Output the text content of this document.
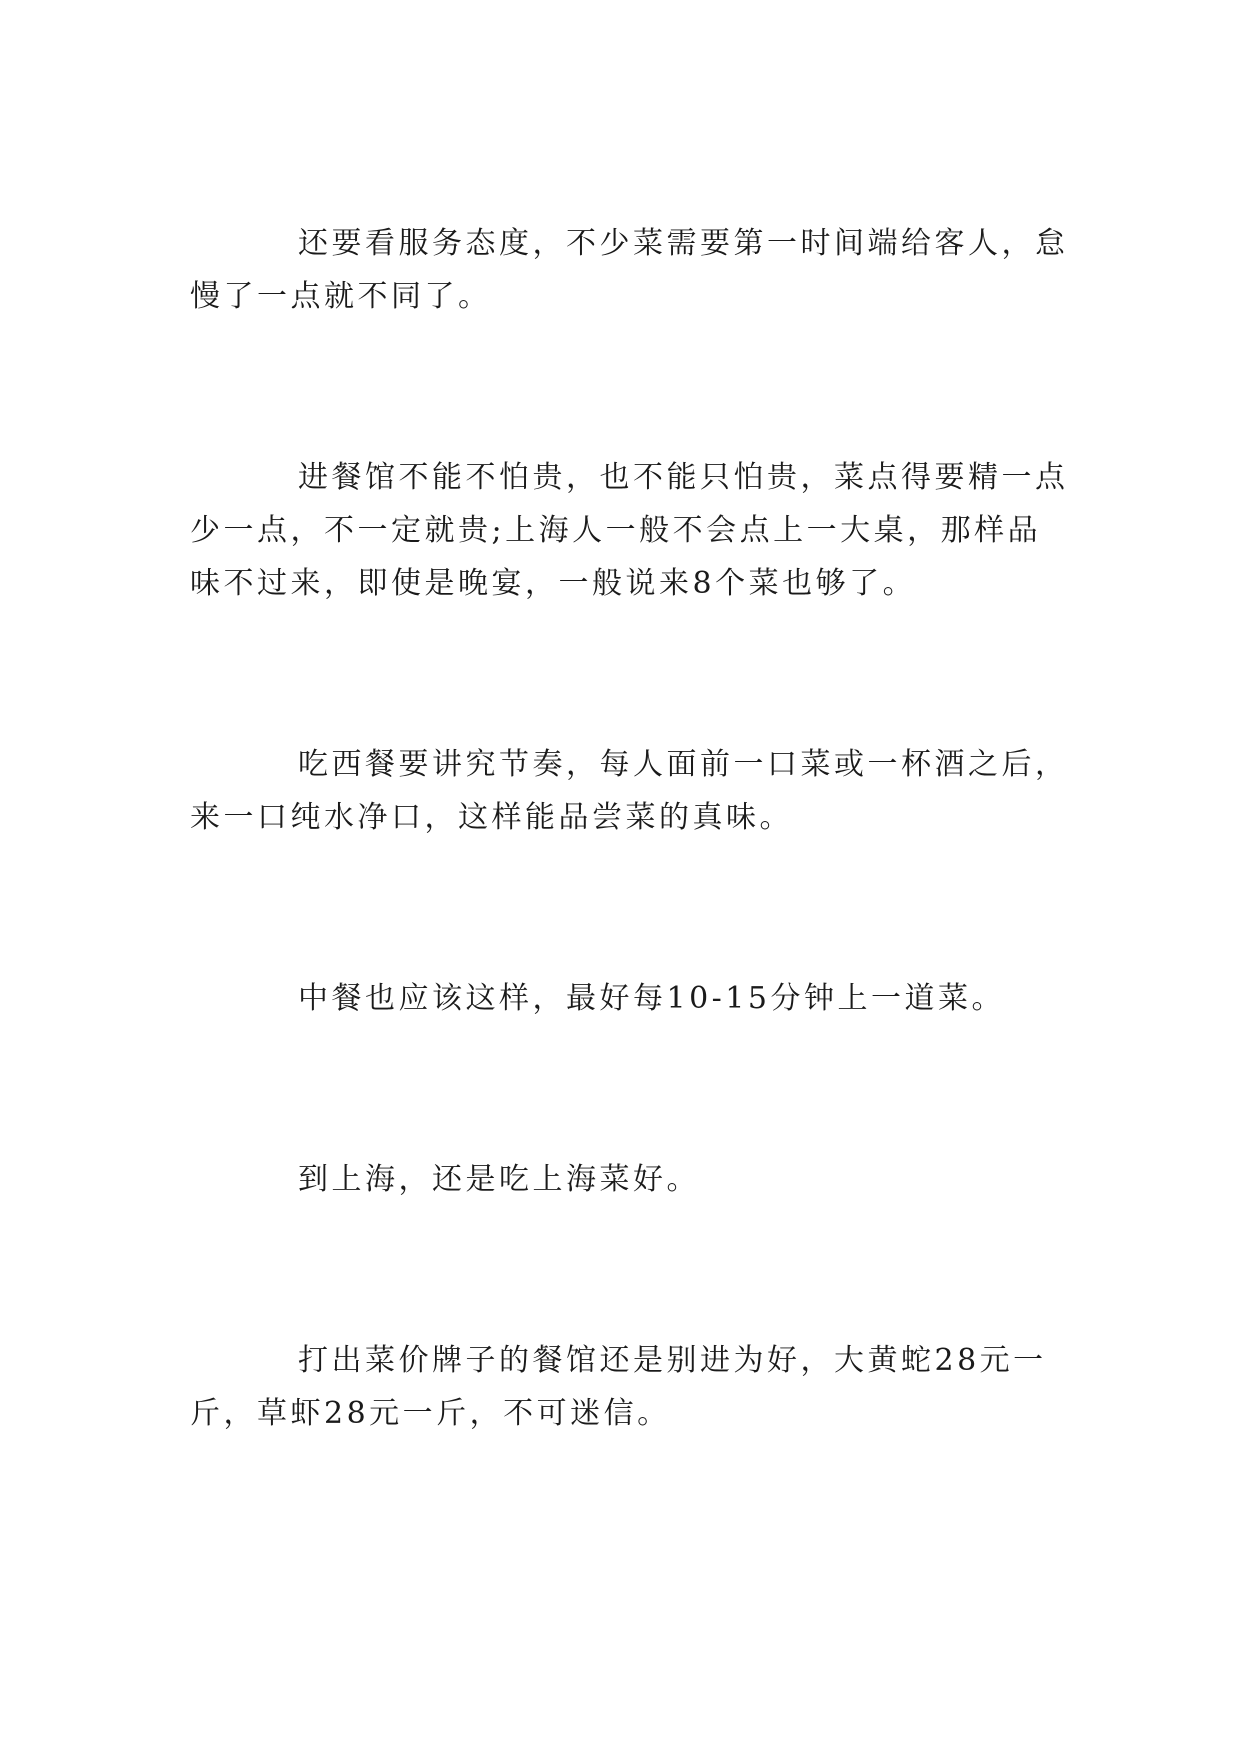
还要看服务态度，不少菜需要第一时间端给客人，怠慢了一点就不同了。

进餐馆不能不怕贵，也不能只怕贵，菜点得要精一点少一点，不一定就贵;上海人一般不会点上一大桌，那样品味不过来，即使是晚宴，一般说来8个菜也够了。

吃西餐要讲究节奏，每人面前一口菜或一杯酒之后，来一口纯水净口，这样能品尝菜的真味。

中餐也应该这样，最好每10-15分钟上一道菜。

到上海，还是吃上海菜好。

打出菜价牌子的餐馆还是别进为好，大黄蛇28元一斤，草虾28元一斤，不可迷信。
